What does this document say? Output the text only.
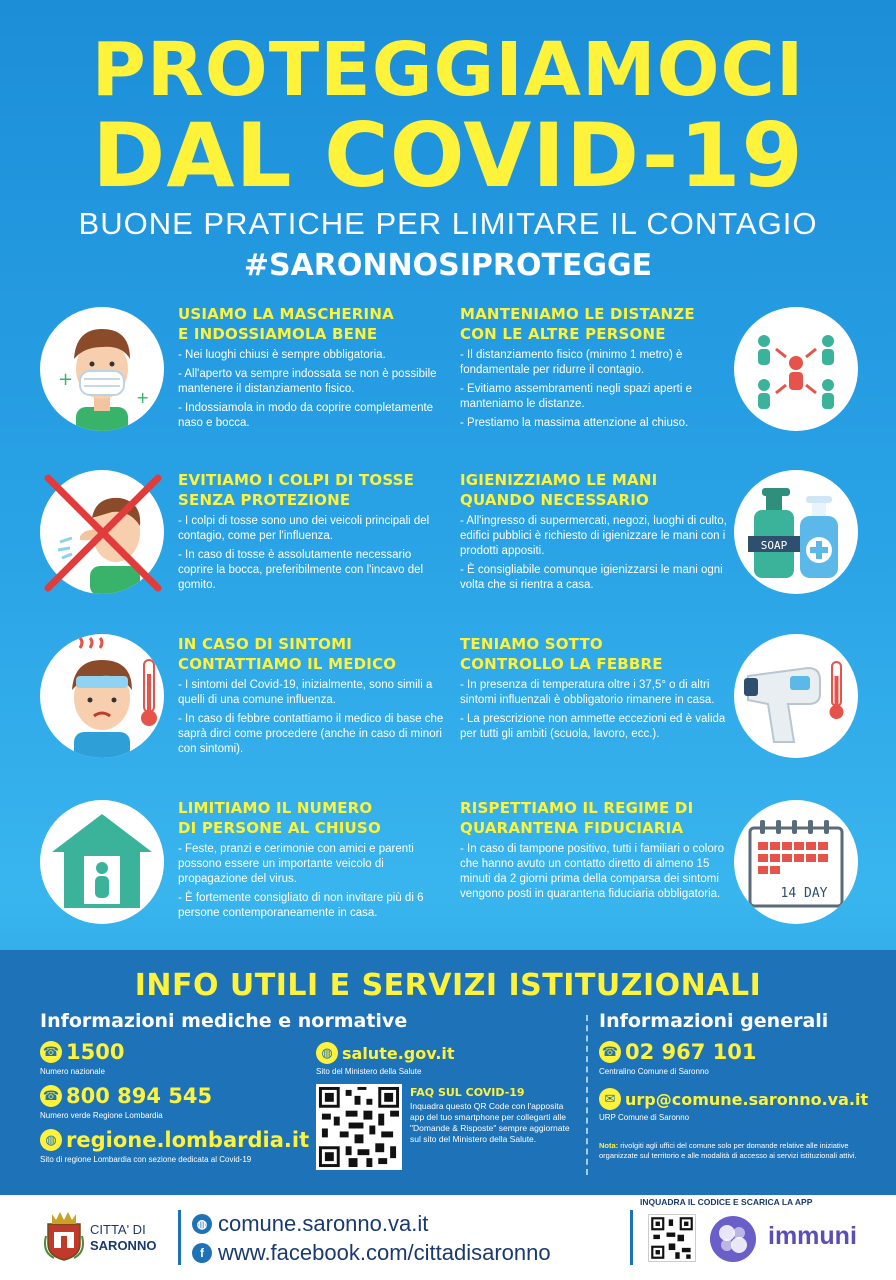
PROTEGGIAMOCI
DAL COVID-19
BUONE PRATICHE PER LIMITARE IL CONTAGIO
#SARONNOSIPROTEGGE
+
+
USIAMO LA MASCHERINA
E INDOSSIAMOLA BENE
- Nei luoghi chiusi è sempre obbligatoria.
- All'aperto va sempre indossata se non è possibile mantenere il distanziamento fisico.
- Indossiamola in modo da coprire completamente naso e bocca.
MANTENIAMO LE DISTANZE
CON LE ALTRE PERSONE
- Il distanziamento fisico (minimo 1 metro) è fondamentale per ridurre il contagio.
- Evitiamo assembramenti negli spazi aperti e manteniamo le distanze.
- Prestiamo la massima attenzione al chiuso.
EVITIAMO I COLPI DI TOSSE
SENZA PROTEZIONE
- I colpi di tosse sono uno dei veicoli principali del contagio, come per l'influenza.
- In caso di tosse è assolutamente necessario coprire la bocca, preferibilmente con l'incavo del gomito.
IGIENIZZIAMO LE MANI
QUANDO NECESSARIO
- All'ingresso di supermercati, negozi, luoghi di culto, edifici pubblici è richiesto di igienizzare le mani con i prodotti appositi.
- È consigliabile comunque igienizzarsi le mani ogni volta che si rientra a casa.
SOAP
IN CASO DI SINTOMI
CONTATTIAMO IL MEDICO
- I sintomi del Covid-19, inizialmente, sono simili a quelli di una comune influenza.
- In caso di febbre contattiamo il medico di base che saprà dirci come procedere (anche in caso di minori con sintomi).
TENIAMO SOTTO
CONTROLLO LA FEBBRE
- In presenza di temperatura oltre i 37,5° o di altri sintomi influenzali è obbligatorio rimanere in casa.
- La prescrizione non ammette eccezioni ed è valida per tutti gli ambiti (scuola, lavoro, ecc.).
LIMITIAMO IL NUMERO
DI PERSONE AL CHIUSO
- Feste, pranzi e cerimonie con amici e parenti possono essere un importante veicolo di propagazione del virus.
- È fortemente consigliato di non invitare più di 6 persone contemporaneamente in casa.
RISPETTIAMO IL REGIME DI
QUARANTENA FIDUCIARIA
- In caso di tampone positivo, tutti i familiari o coloro che hanno avuto un contatto diretto di almeno 15 minuti da 2 giorni prima della comparsa dei sintomi vengono posti in quarantena fiduciaria obbligatoria.	14 DAY
INFO UTILI E SERVIZI ISTITUZIONALI
Informazioni mediche e normative	Informazioni generali
☎ 1500
Numero nazionale
☎ 800 894 545
Numero verde Regione Lombardia
◍ regione.lombardia.it
Sito di regione Lombardia con sezione dedicata al Covid-19
◍ salute.gov.it
Sito del Ministero della Salute
FAQ SUL COVID-19
Inquadra questo QR Code con l'apposita app del tuo smartphone per collegarti alle "Domande & Risposte" sempre aggiornate sul sito del Ministero della Salute.
☎ 02 967 101
Centralino Comune di Saronno
✉ urp@comune.saronno.va.it
URP Comune di Saronno
Nota: rivolgiti agli uffici del comune solo per domande relative alle iniziative organizzate sul territorio e alle modalità di accesso ai servizi istituzionali attivi.
CITTA' DI
SARONNO
◍ comune.saronno.va.it
f www.facebook.com/cittadisaronno
INQUADRA IL CODICE E SCARICA LA APP
immuni
